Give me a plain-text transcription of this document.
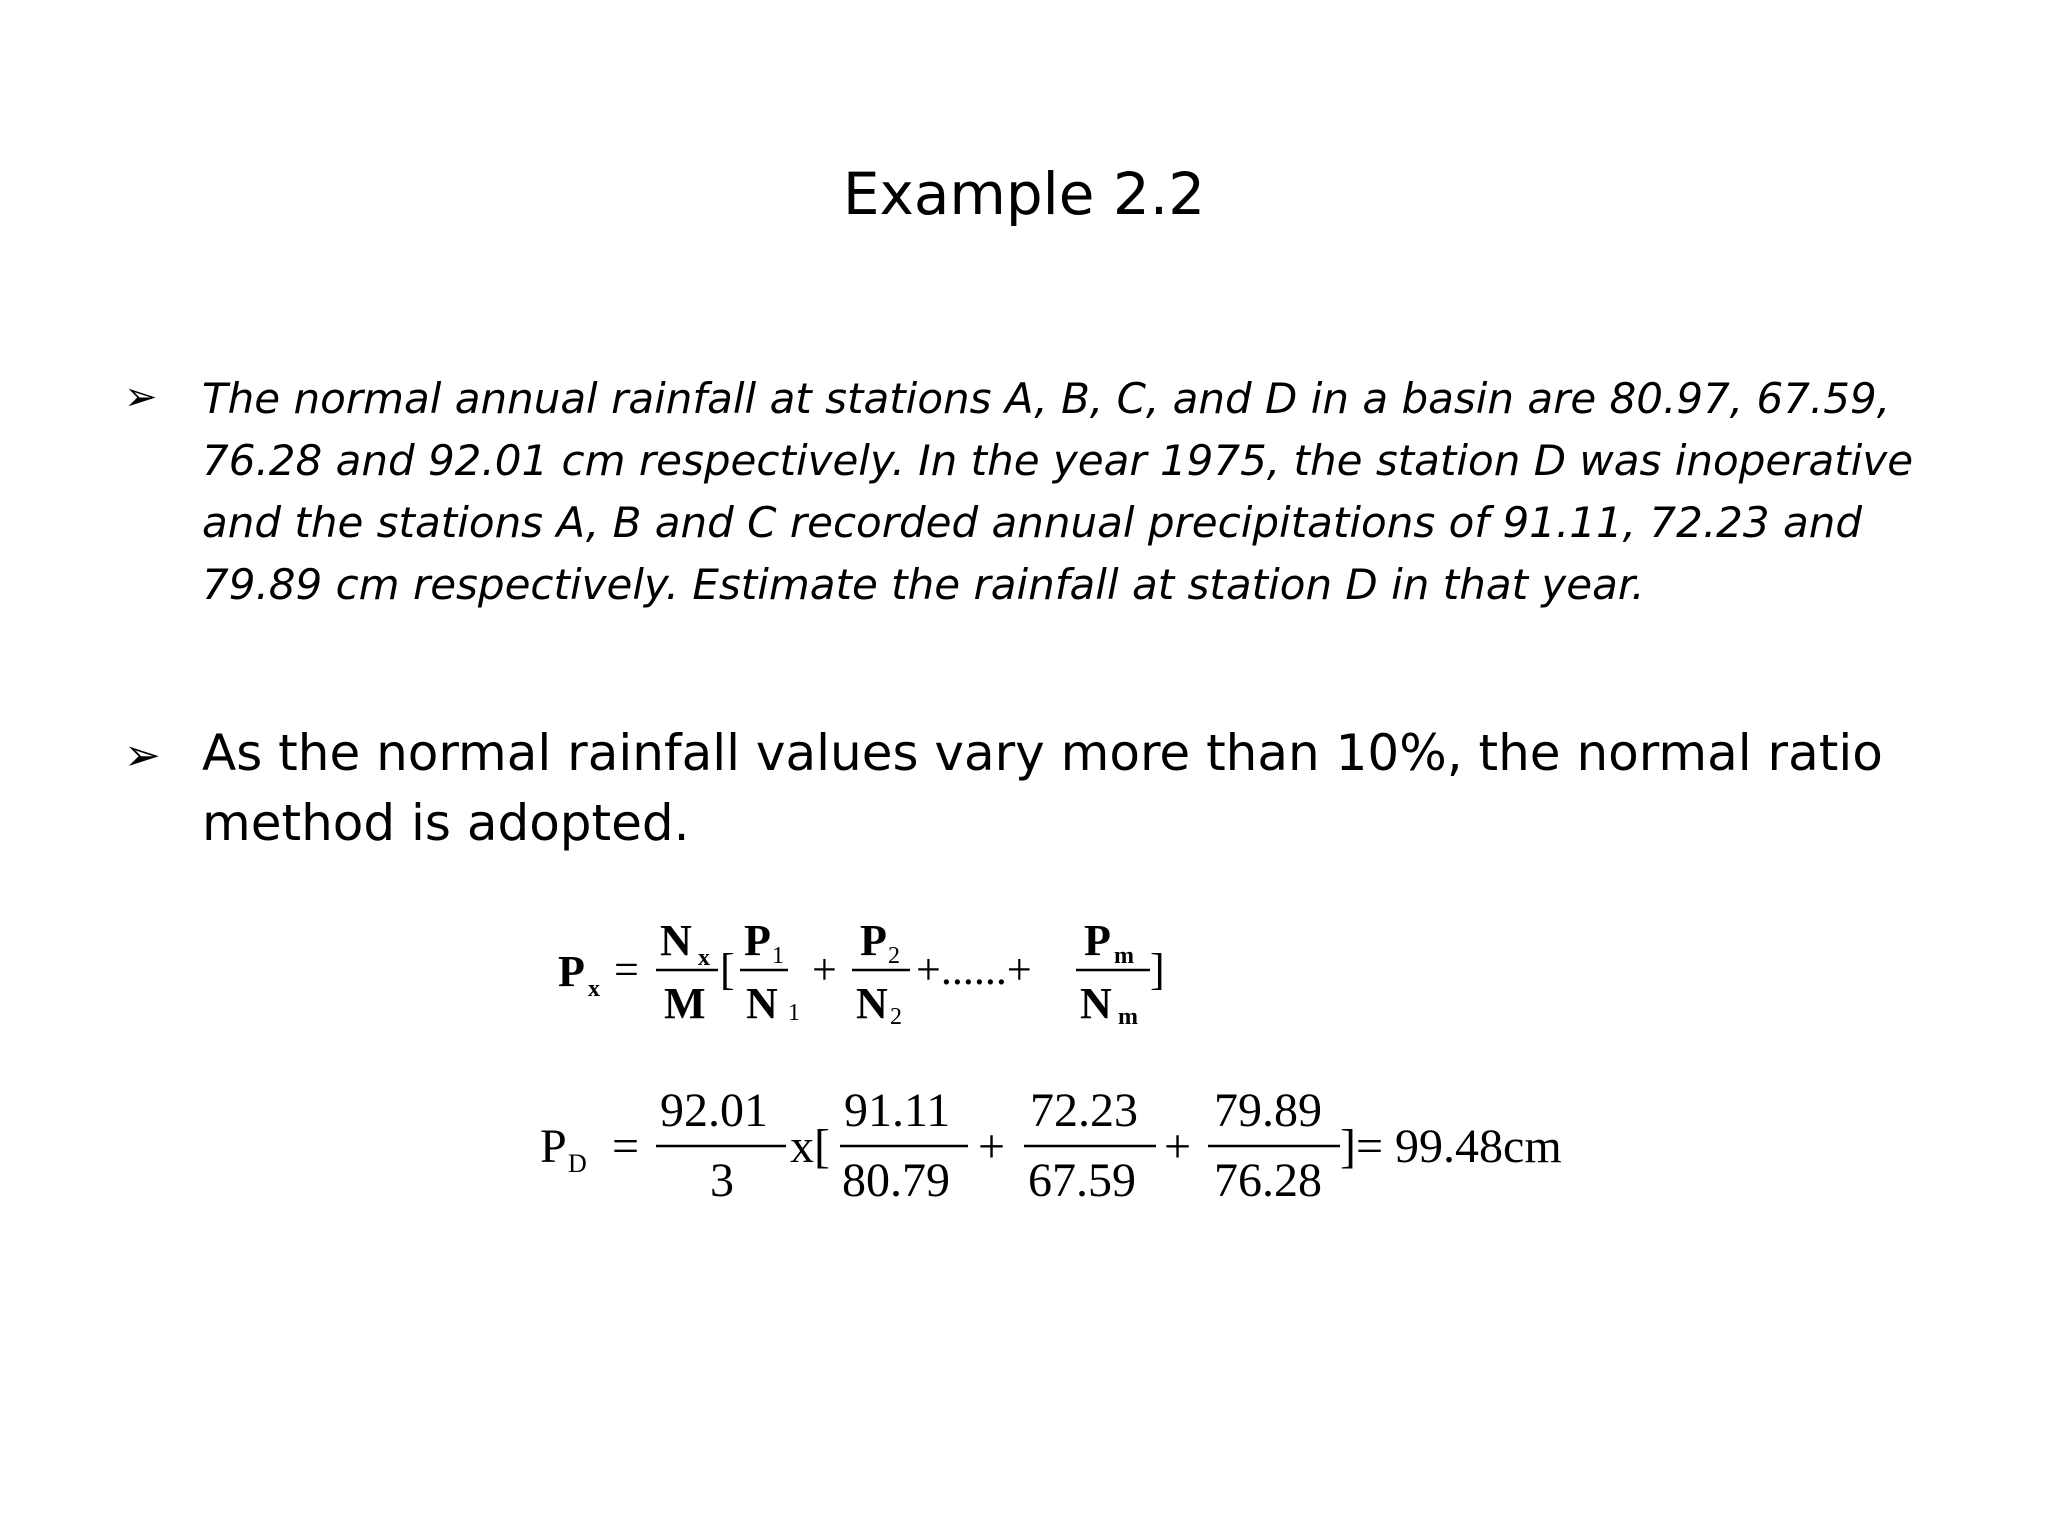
Example 2.2
➢ The normal annual rainfall at stations A, B, C, and D in a basin are 80.97, 67.59,
76.28 and 92.01 cm respectively. In the year 1975, the station D was inoperative
and the stations A, B and C recorded annual precipitations of 91.11, 72.23 and
79.89 cm respectively. Estimate the rainfall at station D in that year.
➢ As the normal rainfall values vary more than 10%, the normal ratio
method is adopted.
P x =
N x
M
[
P 1
N 1
+
P 2
N 2
+......+
P m
N m
]
P D =
92.01
3
x[
91.11
80.79
+
72.23
67.59
+
79.89
76.28
]= 99.48cm
